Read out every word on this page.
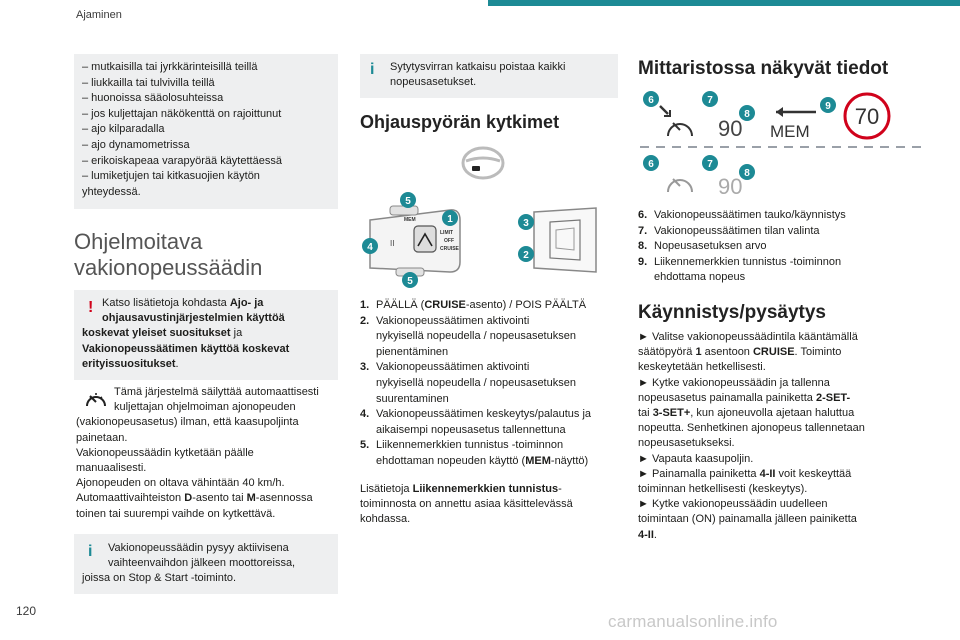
Ajaminen
– mutkaisilla tai jyrkkärinteisillä teillä
– liukkailla tai tulvivilla teillä
– huonoissa sääolosuhteissa
– jos kuljettajan näkökenttä on rajoittunut
– ajo kilparadalla
– ajo dynamometrissa
– erikoiskapeaa varapyörää käytettäessä
– lumiketjujen tai kitkasuojien käytön
yhteydessä.
Ohjelmoitava
vakionopeussäädin
! Katso lisätietoja kohdasta Ajo- ja
ohjausavustinjärjestelmien käyttöä
koskevat yleiset suositukset ja
Vakionopeussäätimen käyttöä koskevat
erityissuositukset.
Tämä järjestelmä säilyttää automaattisesti
kuljettajan ohjelmoiman ajonopeuden
(vakionopeusasetus) ilman, että kaasupoljinta
painetaan.
Vakionopeussäädin kytketään päälle
manuaalisesti.
Ajonopeuden on oltava vähintään 40 km/h.
Automaattivaihteiston D-asento tai M-asennossa
toinen tai suurempi vaihde on kytkettävä.
i	Vakionopeussäädin pysyy aktiivisena
vaihteenvaihdon jälkeen moottoreissa,
joissa on Stop & Start -toiminto.
i	Sytytysvirran katkaisu poistaa kaikki
nopeusasetukset.
Ohjauspyörän kytkimet
MEM
LIMIT
OFF
CRUISE
II
1
2
3
4
5
5
1. PÄÄLLÄ (CRUISE-asento) / POIS PÄÄLTÄ
2. Vakionopeussäätimen aktivointi
nykyisellä nopeudella / nopeusasetuksen
pienentäminen
3. Vakionopeussäätimen aktivointi
nykyisellä nopeudella / nopeusasetuksen
suurentaminen
4. Vakionopeussäätimen keskeytys/palautus ja
aikaisempi nopeusasetus tallennettuna
5. Liikennemerkkien tunnistus -toiminnon
ehdottaman nopeuden käyttö (MEM-näyttö)
Lisätietoja Liikennemerkkien tunnistus-
toiminnosta on annettu asiaa käsittelevässä
kohdassa.
Mittaristossa näkyvät tiedot
90 MEM
70
90
6	7
8
9
6	7
8
6. Vakionopeussäätimen tauko/käynnistys
7. Vakionopeussäätimen tilan valinta
8. Nopeusasetuksen arvo
9. Liikennemerkkien tunnistus -toiminnon
ehdottama nopeus
Käynnistys/pysäytys
► Valitse vakionopeussäädintila kääntämällä
säätöpyörä 1 asentoon CRUISE. Toiminto
keskeytetään hetkellisesti.
► Kytke vakionopeussäädin ja tallenna
nopeusasetus painamalla painiketta 2-SET-
tai 3-SET+, kun ajoneuvolla ajetaan haluttua
nopeutta. Senhetkinen ajonopeus tallennetaan
nopeusasetukseksi.
► Vapauta kaasupoljin.
► Painamalla painiketta 4-II voit keskeyttää
toiminnan hetkellisesti (keskeytys).
► Kytke vakionopeussäädin uudelleen
toimintaan (ON) painamalla jälleen painiketta
4-II.
120
carmanualsonline.info
